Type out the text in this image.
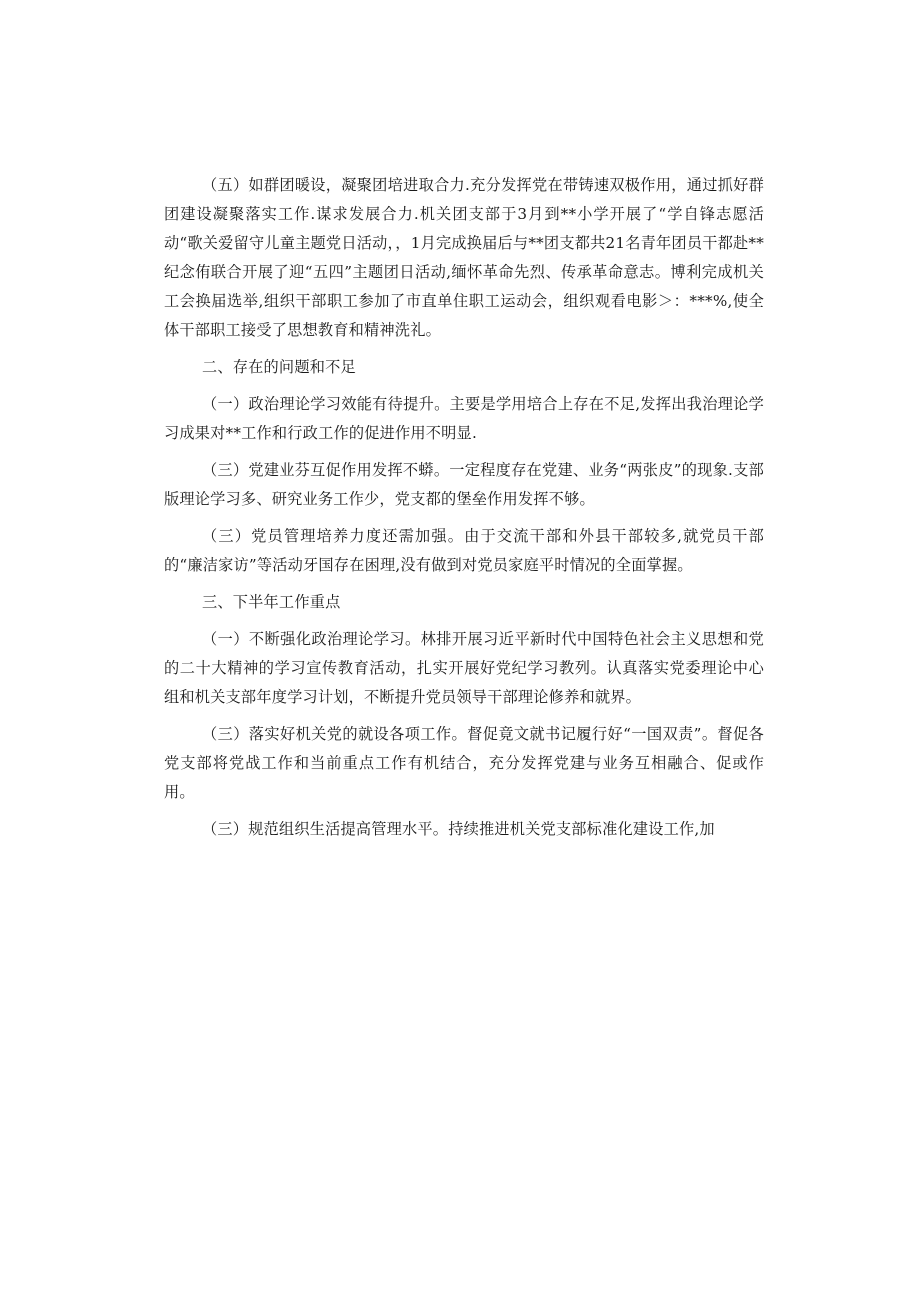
（五）如群团暖设，凝聚团培进取合力.充分发挥党在带铸速双极作用，通过抓好群团建设凝聚落实工作.谋求发展合力.机关团支部于3月到**小学开展了“学自锋志愿活动“歌关爱留守儿童主题党日活动，，1月完成换届后与**团支都共21名青年团员干都赴**纪念侑联合开展了迎“五四”主题团日活动,缅怀革命先烈、传承革命意志。博利完成机关工会换届选举,组织干部职工参加了市直单住职工运动会，组织观看电影＞：***%,使全体干部职工接受了思想教育和精神洗礼。

二、存在的问题和不足

（一）政治理论学习效能有待提升。主要是学用培合上存在不足,发挥出我治理论学习成果对**工作和行政工作的促进作用不明显.

（三）党建业芬互促作用发挥不蟒。一定程度存在党建、业务“两张皮”的现象.支部版理论学习多、研究业务工作少，党支都的堡垒作用发挥不够。

（三）党员管理培养力度还需加强。由于交流干部和外县干部较多,就党员干部的“廉洁家访”等活动牙国存在困理,没有做到对党员家庭平时情况的全面掌握。

三、下半年工作重点

（一）不断强化政治理论学习。林排开展习近平新时代中国特色社会主义思想和党的二十大精神的学习宣传教育活动，扎实开展好党纪学习教列。认真落实党委理论中心组和机关支部年度学习计划，不断提升党员领导干部理论修养和就界。

（三）落实好机关党的就设各项工作。督促竟文就书记履行好“一国双责”。督促各党支部将党战工作和当前重点工作有机结合，充分发挥党建与业务互相融合、促或作用。

（三）规范组织生活提高管理水平。持续推进机关党支部标准化建设工作,加
